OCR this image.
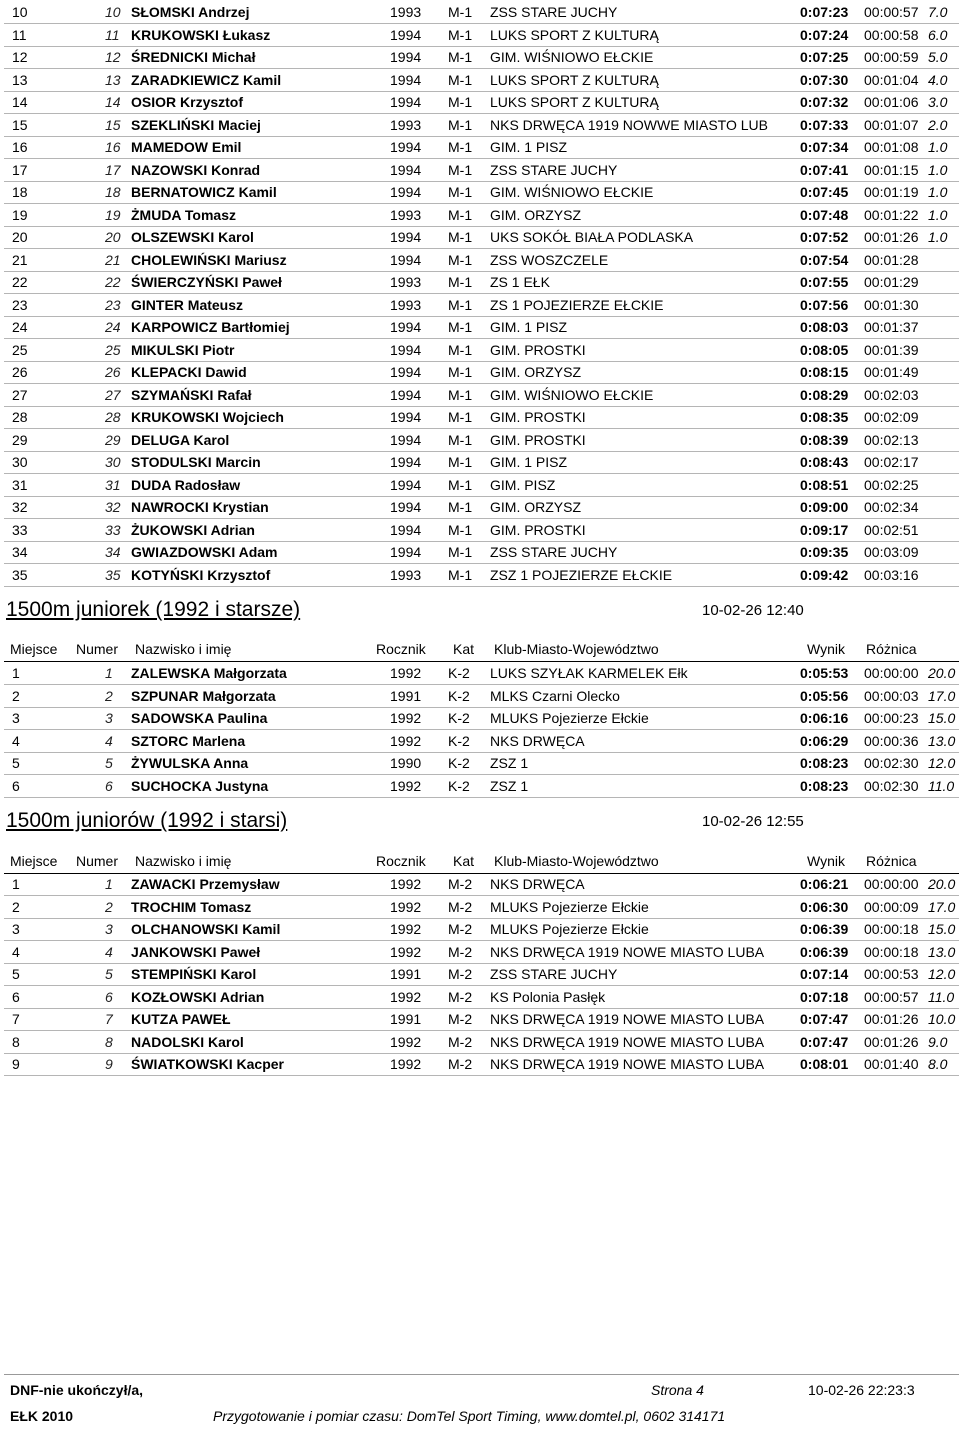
10	10 SŁOMSKI Andrzej	1993 M-1 ZSS STARE JUCHY	0:07:23 00:00:57 7.0
11	11 KRUKOWSKI Łukasz	1994 M-1 LUKS SPORT Z KULTURĄ	0:07:24 00:00:58 6.0
12	12 ŚREDNICKI Michał	1994 M-1 GIM. WIŚNIOWO EŁCKIE	0:07:25 00:00:59 5.0
13	13 ZARADKIEWICZ Kamil	1994 M-1 LUKS SPORT Z KULTURĄ	0:07:30 00:01:04 4.0
14	14 OSIOR Krzysztof	1994 M-1 LUKS SPORT Z KULTURĄ	0:07:32 00:01:06 3.0
15	15 SZEKLIŃSKI Maciej	1993 M-1 NKS DRWĘCA 1919 NOWWE MIASTO LUB 0:07:33 00:01:07 2.0
16	16 MAMEDOW Emil	1994 M-1 GIM. 1 PISZ	0:07:34 00:01:08 1.0
17	17 NAZOWSKI Konrad	1994 M-1 ZSS STARE JUCHY	0:07:41 00:01:15 1.0
18	18 BERNATOWICZ Kamil	1994 M-1 GIM. WIŚNIOWO EŁCKIE	0:07:45 00:01:19 1.0
19	19 ŻMUDA Tomasz	1993 M-1 GIM. ORZYSZ	0:07:48 00:01:22 1.0
20	20 OLSZEWSKI Karol	1994 M-1 UKS SOKÓŁ BIAŁA PODLASKA	0:07:52 00:01:26 1.0
21	21 CHOLEWIŃSKI Mariusz	1994 M-1 ZSS WOSZCZELE	0:07:54 00:01:28
22	22 ŚWIERCZYŃSKI Paweł	1993 M-1 ZS 1 EŁK	0:07:55 00:01:29
23	23 GINTER Mateusz	1993 M-1 ZS 1 POJEZIERZE EŁCKIE	0:07:56 00:01:30
24	24 KARPOWICZ Bartłomiej	1994 M-1 GIM. 1 PISZ	0:08:03 00:01:37
25	25 MIKULSKI Piotr	1994 M-1 GIM. PROSTKI	0:08:05 00:01:39
26	26 KLEPACKI Dawid	1994 M-1 GIM. ORZYSZ	0:08:15 00:01:49
27	27 SZYMAŃSKI Rafał	1994 M-1 GIM. WIŚNIOWO EŁCKIE	0:08:29 00:02:03
28	28 KRUKOWSKI Wojciech	1994 M-1 GIM. PROSTKI	0:08:35 00:02:09
29	29 DELUGA Karol	1994 M-1 GIM. PROSTKI	0:08:39 00:02:13
30	30 STODULSKI Marcin	1994 M-1 GIM. 1 PISZ	0:08:43 00:02:17
31	31 DUDA Radosław	1994 M-1 GIM. PISZ	0:08:51 00:02:25
32	32 NAWROCKI Krystian	1994 M-1 GIM. ORZYSZ	0:09:00 00:02:34
33	33 ŻUKOWSKI Adrian	1994 M-1 GIM. PROSTKI	0:09:17 00:02:51
34	34 GWIAZDOWSKI Adam	1994 M-1 ZSS STARE JUCHY	0:09:35 00:03:09
35	35 KOTYŃSKI Krzysztof	1993 M-1 ZSZ 1 POJEZIERZE EŁCKIE	0:09:42 00:03:16
1500m juniorek (1992 i starsze)	10-02-26 12:40
Miejsce Numer Nazwisko i imię	Rocznik Kat Klub-Miasto-Województwo	Wynik Różnica
1	1	ZALEWSKA Małgorzata	1992 K-2 LUKS SZYŁAK KARMELEK Ełk	0:05:53 00:00:00 20.0
2	2	SZPUNAR Małgorzata	1991 K-2 MLKS Czarni Olecko	0:05:56 00:00:03 17.0
3	3	SADOWSKA Paulina	1992 K-2 MLUKS Pojezierze Ełckie	0:06:16 00:00:23 15.0
4	4	SZTORC Marlena	1992 K-2 NKS DRWĘCA	0:06:29 00:00:36 13.0
5	5	ŻYWULSKA Anna	1990 K-2 ZSZ 1	0:08:23 00:02:30 12.0
6	6	SUCHOCKA Justyna	1992 K-2 ZSZ 1	0:08:23 00:02:30 11.0
1500m juniorów (1992 i starsi)	10-02-26 12:55
Miejsce Numer Nazwisko i imię	Rocznik Kat Klub-Miasto-Województwo	Wynik Różnica
1	1	ZAWACKI Przemysław	1992 M-2 NKS DRWĘCA	0:06:21 00:00:00 20.0
2	2	TROCHIM Tomasz	1992 M-2 MLUKS Pojezierze Ełckie	0:06:30 00:00:09 17.0
3	3	OLCHANOWSKI Kamil	1992 M-2 MLUKS Pojezierze Ełckie	0:06:39 00:00:18 15.0
4	4	JANKOWSKI Paweł	1992 M-2 NKS DRWĘCA 1919 NOWE MIASTO LUBA	0:06:39 00:00:18 13.0
5	5	STEMPIŃSKI Karol	1991 M-2 ZSS STARE JUCHY	0:07:14 00:00:53 12.0
6	6	KOZŁOWSKI Adrian	1992 M-2 KS Polonia Pasłęk	0:07:18 00:00:57 11.0
7	7	KUTZA PAWEŁ	1991 M-2 NKS DRWĘCA 1919 NOWE MIASTO LUBA	0:07:47 00:01:26 10.0
8	8	NADOLSKI Karol	1992 M-2 NKS DRWĘCA 1919 NOWE MIASTO LUBA	0:07:47 00:01:26 9.0
9	9	ŚWIATKOWSKI Kacper	1992 M-2 NKS DRWĘCA 1919 NOWE MIASTO LUBA	0:08:01 00:01:40 8.0
DNF-nie ukończył/a,	Strona 4	10-02-26 22:23:3
EŁK 2010	Przygotowanie i pomiar czasu: DomTel Sport Timing, www.domtel.pl, 0602 314171
